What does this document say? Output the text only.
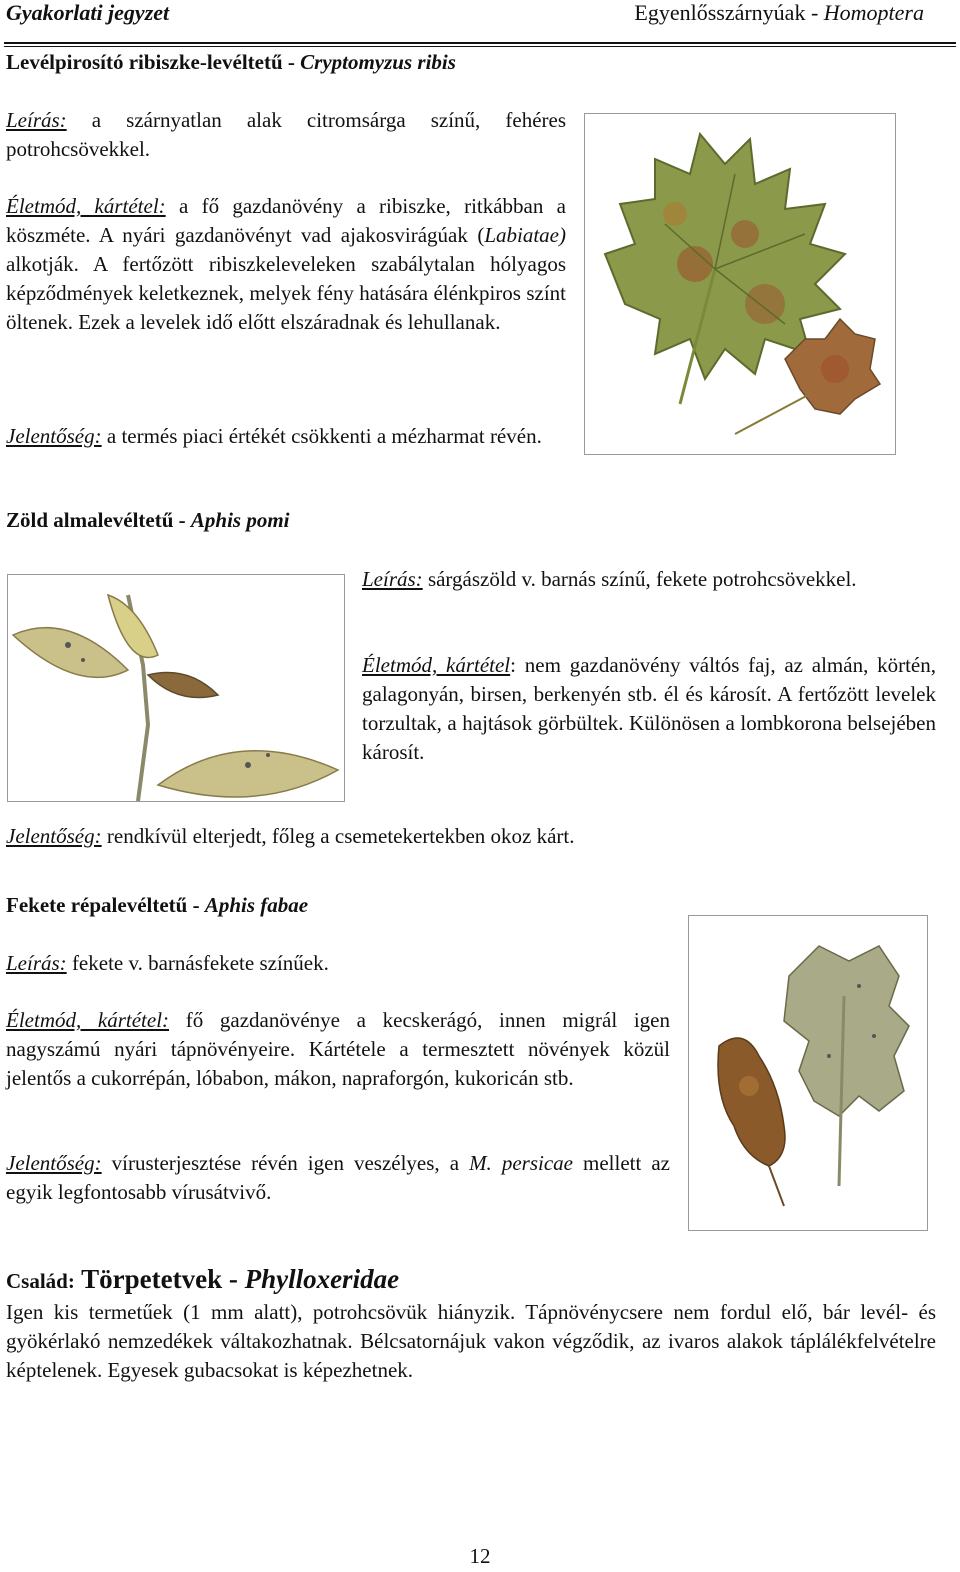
Gyakorlati jegyzet	Egyenlősszárnyúak - Homoptera
Levélpirosító ribiszke-levéltetű - Cryptomyzus ribis
Leírás: a szárnyatlan alak citromsárga színű, fehéres potrohcsövekkel.
Életmód, kártétel: a fő gazdanövény a ribiszke, ritkábban a köszméte. A nyári gazdanövényt vad ajakosvirágúak (Labiatae) alkotják. A fertőzött ribiszkeleveleken szabálytalan hólyagos képződmények keletkeznek, melyek fény hatására élénkpiros színt öltenek. Ezek a levelek idő előtt elszáradnak és lehullanak.
Jelentőség: a termés piaci értékét csökkenti a mézharmat révén.
Zöld almalevéltetű - Aphis pomi
Leírás: sárgászöld v. barnás színű, fekete potrohcsövekkel.
Életmód, kártétel: nem gazdanövény váltós faj, az almán, körtén, galagonyán, birsen, berkenyén stb. él és károsít. A fertőzött levelek torzultak, a hajtások görbültek. Különösen a lombkorona belsejében károsít.
Jelentőség: rendkívül elterjedt, főleg a csemetekertekben okoz kárt.
Fekete répalevéltetű - Aphis fabae
Leírás: fekete v. barnásfekete színűek.
Életmód, kártétel: fő gazdanövénye a kecskerágó, innen migrál igen nagyszámú nyári tápnövényeire. Kártétele a termesztett növények közül jelentős a cukorrépán, lóbabon, mákon, napraforgón, kukoricán stb.
Jelentőség: vírusterjesztése révén igen veszélyes, a M. persicae mellett az egyik legfontosabb vírusátvivő.
Család: Törpetetvek - Phylloxeridae
Igen kis termetűek (1 mm alatt), potrohcsövük hiányzik. Tápnövénycsere nem fordul elő, bár levél- és gyökérlakó nemzedékek váltakozhatnak. Bélcsatornájuk vakon végződik, az ivaros alakok táplálékfelvételre képtelenek. Egyesek gubacsokat is képezhetnek.
12
